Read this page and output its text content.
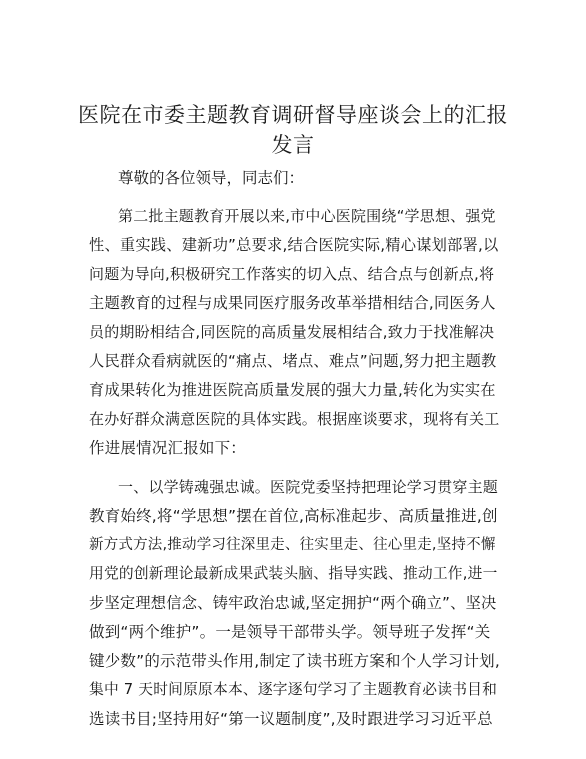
医院在市委主题教育调研督导座谈会上的汇报
发言
尊敬的各位领导，同志们：
第二批主题教育开展以来,市中心医院围绕“学思想、强党
性、重实践、建新功”总要求,结合医院实际,精心谋划部署,以
问题为导向,积极研究工作落实的切入点、结合点与创新点,将
主题教育的过程与成果同医疗服务改革举措相结合,同医务人
员的期盼相结合,同医院的高质量发展相结合,致力于找准解决
人民群众看病就医的“痛点、堵点、难点”问题,努力把主题教
育成果转化为推进医院高质量发展的强大力量,转化为实实在
在办好群众满意医院的具体实践。根据座谈要求，现将有关工
作进展情况汇报如下：
一、以学铸魂强忠诚。医院党委坚持把理论学习贯穿主题
教育始终,将“学思想”摆在首位,高标准起步、高质量推进,创
新方式方法,推动学习往深里走、往实里走、往心里走,坚持不懈
用党的创新理论最新成果武装头脑、指导实践、推动工作,进一
步坚定理想信念、铸牢政治忠诚,坚定拥护“两个确立”、坚决
做到“两个维护”。一是领导干部带头学。领导班子发挥“关
键少数”的示范带头作用,制定了读书班方案和个人学习计划,
集中 7 天时间原原本本、逐字逐句学习了主题教育必读书目和
选读书目;坚持用好“第一议题制度”,及时跟进学习习近平总
